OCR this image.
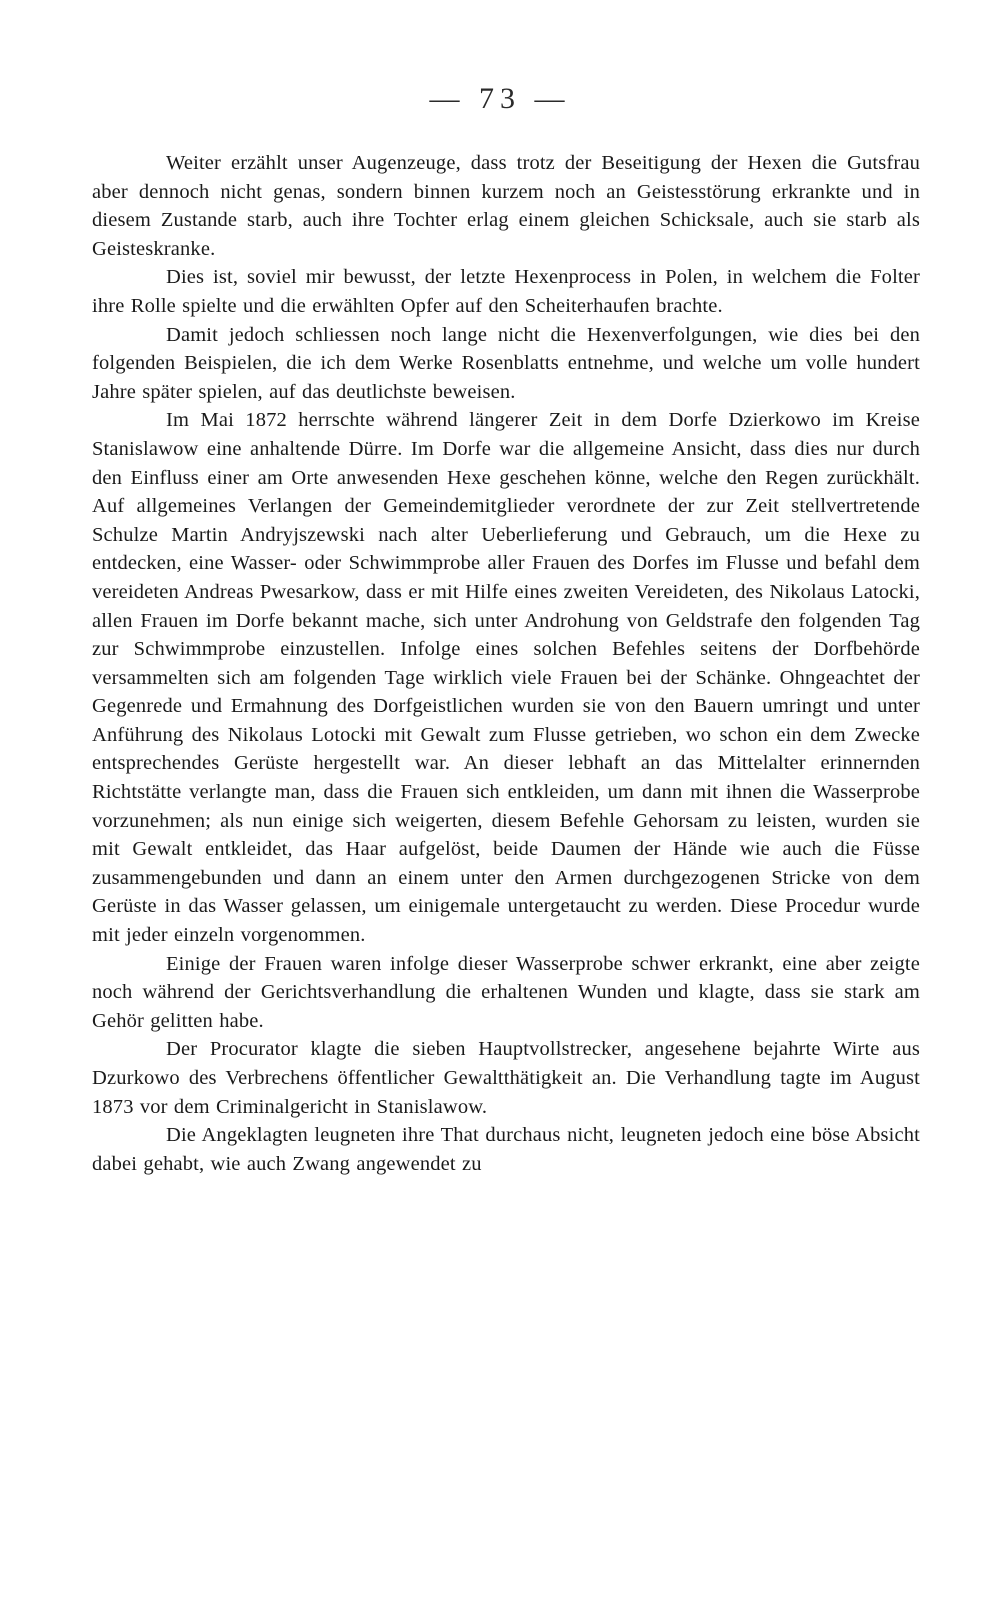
— 73 —

Weiter erzählt unser Augenzeuge, dass trotz der Beseitigung der Hexen die Gutsfrau aber dennoch nicht genas, sondern binnen kurzem noch an Geistesstörung erkrankte und in diesem Zustande starb, auch ihre Tochter erlag einem gleichen Schicksale, auch sie starb als Geisteskranke.

Dies ist, soviel mir bewusst, der letzte Hexenprocess in Polen, in welchem die Folter ihre Rolle spielte und die erwählten Opfer auf den Scheiterhaufen brachte.

Damit jedoch schliessen noch lange nicht die Hexenverfolgungen, wie dies bei den folgenden Beispielen, die ich dem Werke Rosenblatts entnehme, und welche um volle hundert Jahre später spielen, auf das deutlichste beweisen.

Im Mai 1872 herrschte während längerer Zeit in dem Dorfe Dzierkowo im Kreise Stanislawow eine anhaltende Dürre. Im Dorfe war die allgemeine Ansicht, dass dies nur durch den Einfluss einer am Orte anwesenden Hexe geschehen könne, welche den Regen zurückhält. Auf allgemeines Verlangen der Gemeindemitglieder verordnete der zur Zeit stellvertretende Schulze Martin Andryjszewski nach alter Ueberlieferung und Gebrauch, um die Hexe zu entdecken, eine Wasser- oder Schwimmprobe aller Frauen des Dorfes im Flusse und befahl dem vereideten Andreas Pwesarkow, dass er mit Hilfe eines zweiten Vereideten, des Nikolaus Latocki, allen Frauen im Dorfe bekannt mache, sich unter Androhung von Geldstrafe den folgenden Tag zur Schwimmprobe einzustellen. Infolge eines solchen Befehles seitens der Dorfbehörde versammelten sich am folgenden Tage wirklich viele Frauen bei der Schänke. Ohngeachtet der Gegenrede und Ermahnung des Dorfgeistlichen wurden sie von den Bauern umringt und unter Anführung des Nikolaus Lotocki mit Gewalt zum Flusse getrieben, wo schon ein dem Zwecke entsprechendes Gerüste hergestellt war. An dieser lebhaft an das Mittelalter erinnernden Richtstätte verlangte man, dass die Frauen sich entkleiden, um dann mit ihnen die Wasserprobe vorzunehmen; als nun einige sich weigerten, diesem Befehle Gehorsam zu leisten, wurden sie mit Gewalt entkleidet, das Haar aufgelöst, beide Daumen der Hände wie auch die Füsse zusammengebunden und dann an einem unter den Armen durchgezogenen Stricke von dem Gerüste in das Wasser gelassen, um einigemale untergetaucht zu werden. Diese Procedur wurde mit jeder einzeln vorgenommen.

Einige der Frauen waren infolge dieser Wasserprobe schwer erkrankt, eine aber zeigte noch während der Gerichtsverhandlung die erhaltenen Wunden und klagte, dass sie stark am Gehör gelitten habe.

Der Procurator klagte die sieben Hauptvollstrecker, angesehene bejahrte Wirte aus Dzurkowo des Verbrechens öffentlicher Gewaltthätigkeit an. Die Verhandlung tagte im August 1873 vor dem Criminalgericht in Stanislawow.

Die Angeklagten leugneten ihre That durchaus nicht, leugneten jedoch eine böse Absicht dabei gehabt, wie auch Zwang angewendet zu
